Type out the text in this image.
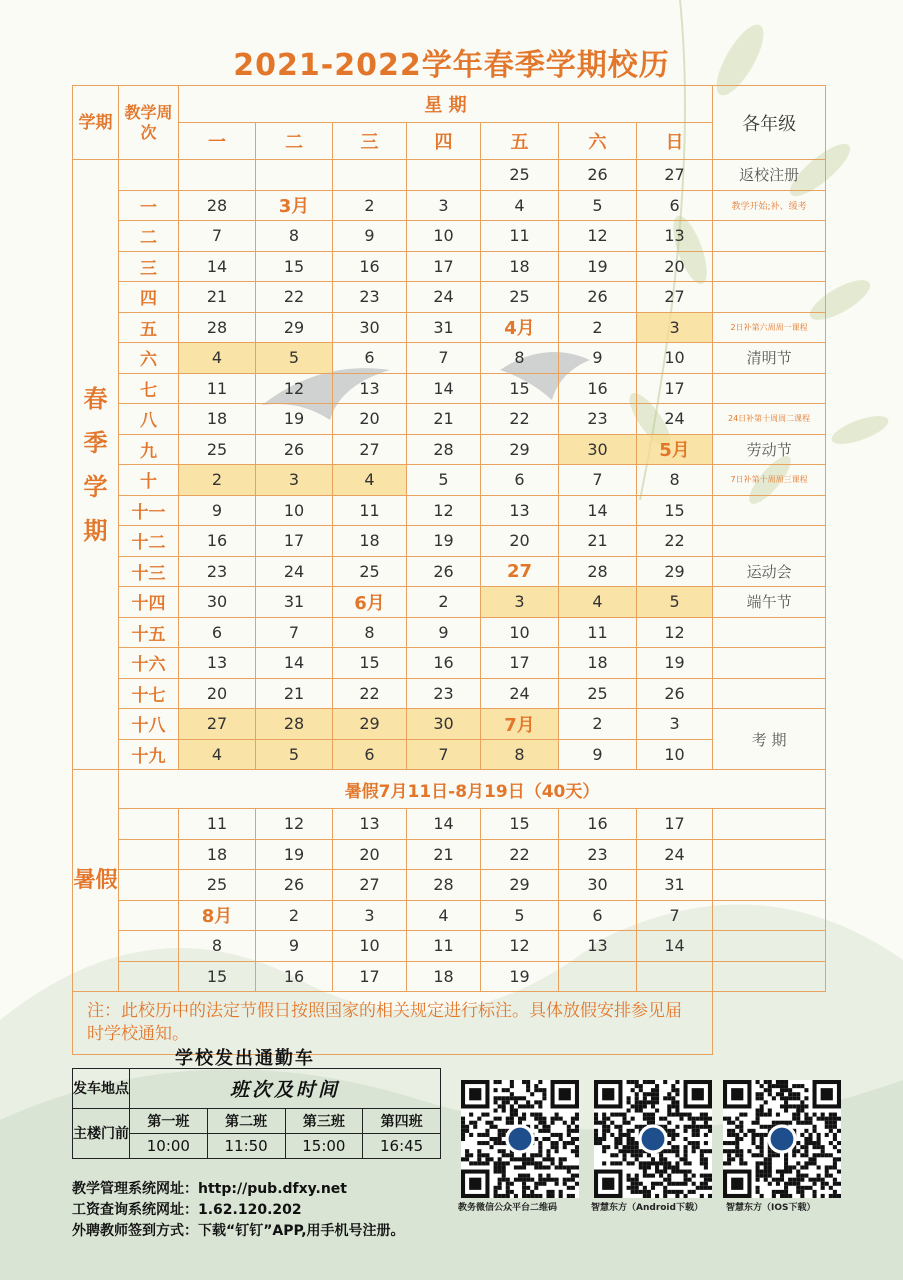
2021-2022学年春季学期校历
学期	教学周次	星 期							各年级
		一	二	三	四	五	六	日	
春季学期						25	26	27	返校注册
	一	28	3月	2	3	4	5	6	教学开始;补、缓考
	二	7	8	9	10	11	12	13	
	三	14	15	16	17	18	19	20	
	四	21	22	23	24	25	26	27	
	五	28	29	30	31	4月	2	3	2日补第六周周一课程
	六	4	5	6	7	8	9	10	清明节
	七	11	12	13	14	15	16	17	
	八	18	19	20	21	22	23	24	24日补第十周周二课程
	九	25	26	27	28	29	30	5月	劳动节
	十	2	3	4	5	6	7	8	7日补第十周周三课程
	十一	9	10	11	12	13	14	15	
	十二	16	17	18	19	20	21	22	
	十三	23	24	25	26	27	28	29	运动会
	十四	30	31	6月	2	3	4	5	端午节
	十五	6	7	8	9	10	11	12	
	十六	13	14	15	16	17	18	19	
	十七	20	21	22	23	24	25	26	
	十八	27	28	29	30	7月	2	3	考 期
	十九	4	5	6	7	8	9	10	
暑假	暑假7月11日-8月19日（40天）								
		11	12	13	14	15	16	17	
		18	19	20	21	22	23	24	
		25	26	27	28	29	30	31	
		8月	2	3	4	5	6	7	
		8	9	10	11	12	13	14	
		15	16	17	18	19			
注：此校历中的法定节假日按照国家的相关规定进行标注。具体放假安排参见届时学校通知。									
学校发出通勤车
发车地点	班次及时间			
主楼门前	第一班	第二班	第三班	第四班
	10:00	11:50	15:00	16:45
教学管理系统网址：http://pub.dfxy.net
工资查询系统网址：1.62.120.202
外聘教师签到方式：下载“钉钉”APP,用手机号注册。
教务微信公众平台二维码	智慧东方（Android下载）	智慧东方（IOS下载）
